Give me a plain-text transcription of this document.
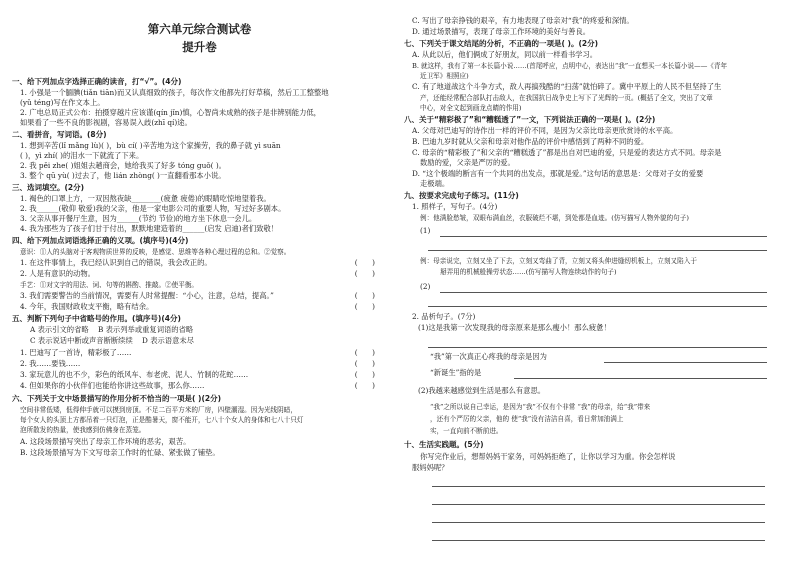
第六单元综合测试卷
提升卷
一、给下列加点字选择正确的读音，打“√”。(4分)
1. 小强是一个腼腆(tiǎn tiān)而又认真细致的孩子，每次作文他都先打好草稿，然后工工整整地
(yǔ téng)写在作文本上。
2. 广电总局正式公布：拍摄穿越片应该谨(qín jǐn)慎，心智尚未成熟的孩子是非辨别能力低，
如果看了一些不良的影视剧，容易误入歧(zhī qí)途。
二、看拼音，写词语。(8分)
1. 想到辛苦(lǐ mǎng lù)( )，bù cí( )辛苦地为这个家操劳，我的鼻子就 yì suān
( )，yì zhí( )的泪水一下就流了下来。
2. 我 pěi zhe( )姐姐去趟商会，她给我买了好多 tóng guǒ( )。
3. 整个 qū yù( )过去了，他 lián zhòng( )一直翻看那本小说。
三、选词填空。(2分)
1. 褐色的口罩上方，一双因熬夜缺________(疲惫 疲倦)的眼睛吃惊地望着我。
2. 我______(敬仰 敬爱)我的父亲，他是一家电影公司的重要人物，写过好多剧本。
3. 父亲从事开餐厅生意，因为______(节约 节俭)的地方坐下休息一会儿。
4. 我为那些为了孩子们甘于付出，默默地建造着的______(启发 启迪)者们致敬！
四、给下列加点词语选择正确的义项。(填序号)(4分)
意识：①人的头脑对于客观物质世界的反映，是感觉、思维等各种心理过程的总和。②觉察。
1. 在这件事情上，我已经认识到自己的错误，我会改正的。	(　　)
2. 人是有意识的动物。	(　　)
手艺：①对文字的用法、词、句等的斟酌、推敲。②使平衡。
3. 我们需要警告的当前情况，需要有人时常提醒：“小心，注意，总结，提高。”	(　　)
4. 今年，我国财政收支平衡，略有结余。	(　　)
五、判断下列句子中省略号的作用。(填序号)(4分)
A 表示引文的省略 B 表示列举或重复词语的省略
C 表示说话中断或声音断断续续 D 表示语意未尽
1. 巴迪写了一首诗，精彩极了……	(　　)
2. 我……要钱……	(　　)
3. 家玩意儿的也不少，彩色的纸风车、布老虎、泥人、竹制的花蛇……	(　　)
4. 但如果你的小伙伴们也能给你讲这些故事，那么你……	(　　)
六、下列关于文中场景描写的作用分析不恰当的一项是( )(2分)
空间非常低矮，低得伸手就可以摸到房顶。不足二百平方米的厂房，四壁潮湿。因为光线阴暗，
每个女人的头顶上方都吊着一只灯泡，正是酷暑天，窗不能开，七八十个女人的身体和七八十只灯
泡所散发的热量，使我感到仿佛身在蒸笼。
A. 这段场景描写突出了母亲工作环境的恶劣，艰苦。
B. 这段场景描写为下文写母亲工作时的忙碌、紧张做了铺垫。
C. 写出了母亲挣钱的艰辛，有力地表现了母亲对“我”的疼爱和深情。
D. 通过场景描写，表现了母亲工作环境的美好与善良。
七、下列关于课文结尾的分析，不正确的一项是( )。(2分)
A. 从此以后，他们俩成了好朋友，同以前一样看书学习。
B. 就这样，我有了第一本长篇小说……(首尾呼应，点明中心，表达出“我”一直想买一本长篇小说——《青年
近卫军》相照应)
C. 有了地道战这个斗争方式，敌人再搞残酷的“扫荡”就怕碎了。冀中平原上的人民不但坚持了生
产，还能经常配合部队打击敌人，在我国抗日战争史上写下了光辉的一页。(概括了全文，突出了文章
中心，对全文起到画龙点睛的作用)
八、关于“精彩极了”和“糟糕透了”一文，下列说法正确的一项是( )。(2分)
A. 父母对巴迪写的诗作出一样的评价不同，是因为父亲比母亲更欣赏诗的水平高。
B. 巴迪九岁时就从父亲和母亲对他作品的评价中感悟到了两种不同的爱。
C. 母亲的“精彩极了”和父亲的“糟糕透了”都是出自对巴迪的爱，只是爱的表达方式不同。母亲是
数励的爱，父亲是严厉的爱。
D. “这个极端的断言有一个共同的出发点，那就是爱。”这句话的意思是：父母对子女的爱要
走极端。
九、按要求完成句子练习。(11分)
1. 照样子，写句子。(4分)
例：他满脸愁皱，双眼布满血丝，衣服破烂不堪，到处都是血迹。(仿写描写人物外貌的句子)
(1)
例：母亲说完，立刻又坐了下去，立刻又弯曲了背，立刻又将头伸进缝纫机板上，立刻又陷入于
掰弄用的机械般操劳状态……(仿写描写人物连续动作的句子)
(2)
2. 品析句子。(7分)
(1)这是我第一次发现我的母亲原来是那么瘦小！那么疲惫！
“我”第一次真正心疼我的母亲是因为
“新诞生”指的是
(2)我越来越感觉到生活是那么有意思。
“我”之所以说自己幸运，是因为“我”不仅有个非常 “我”的母亲，给“我”带来
，还有个严厉的父亲，他的 使“我”没有洁洁自喜，看日常加油满上
实，一直向前不断前进。
十、生活实践题。(5分)
你写完作业后，想帮妈妈干家务，可妈妈拒绝了，让你以学习为重。你会怎样说
服妈妈呢？
